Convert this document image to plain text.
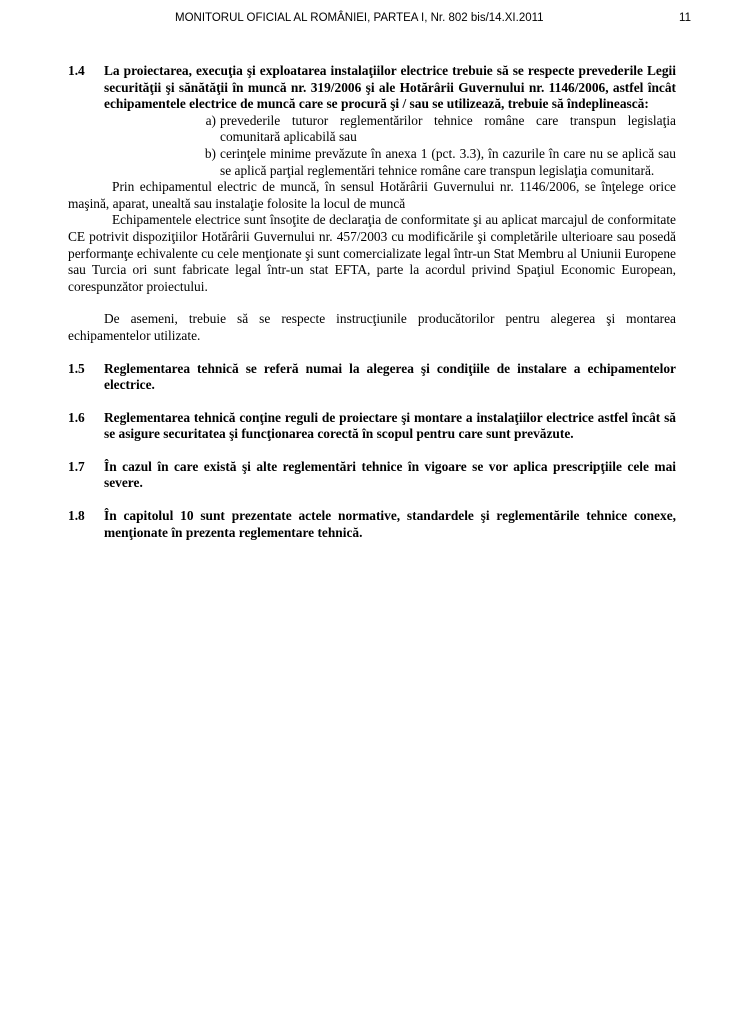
MONITORUL OFICIAL AL ROMÂNIEI, PARTEA I, Nr. 802 bis/14.XI.2011	11
1.4	La proiectarea, execuţia şi exploatarea instalaţiilor electrice trebuie să se respecte prevederile Legii securităţii şi sănătăţii în muncă nr. 319/2006 şi ale Hotărârii Guvernului nr. 1146/2006, astfel încât echipamentele electrice de muncă care se procură şi / sau se utilizează, trebuie să îndeplinească:
a) prevederile tuturor reglementărilor tehnice române care transpun legislaţia comunitară aplicabilă sau
b) cerinţele minime prevăzute în anexa 1 (pct. 3.3), în cazurile în care nu se aplică sau se aplică parţial reglementări tehnice române care transpun legislaţia comunitară.
Prin echipamentul electric de muncă, în sensul Hotărârii Guvernului nr. 1146/2006, se înţelege orice maşină, aparat, unealtă sau instalaţie folosite la locul de muncă
Echipamentele electrice sunt însoţite de declaraţia de conformitate şi au aplicat marcajul de conformitate CE potrivit dispoziţiilor Hotărârii Guvernului nr. 457/2003 cu modificările şi completările ulterioare sau posedă performanţe echivalente cu cele menţionate şi sunt comercializate legal într-un Stat Membru al Uniunii Europene sau Turcia ori sunt fabricate legal într-un stat EFTA, parte la acordul privind Spaţiul Economic European, corespunzător proiectului.
De asemeni, trebuie să se respecte instrucţiunile producătorilor pentru alegerea şi montarea echipamentelor utilizate.
1.5	Reglementarea tehnică se referă numai la alegerea şi condiţiile de instalare a echipamentelor electrice.
1.6	Reglementarea tehnică conţine reguli de proiectare şi montare a instalaţiilor electrice astfel încât să se asigure securitatea şi funcţionarea corectă în scopul pentru care sunt prevăzute.
1.7	În cazul în care există şi alte reglementări tehnice în vigoare se vor aplica prescripţiile cele mai severe.
1.8	În capitolul 10 sunt prezentate actele normative, standardele şi reglementările tehnice conexe, menţionate în prezenta reglementare tehnică.
